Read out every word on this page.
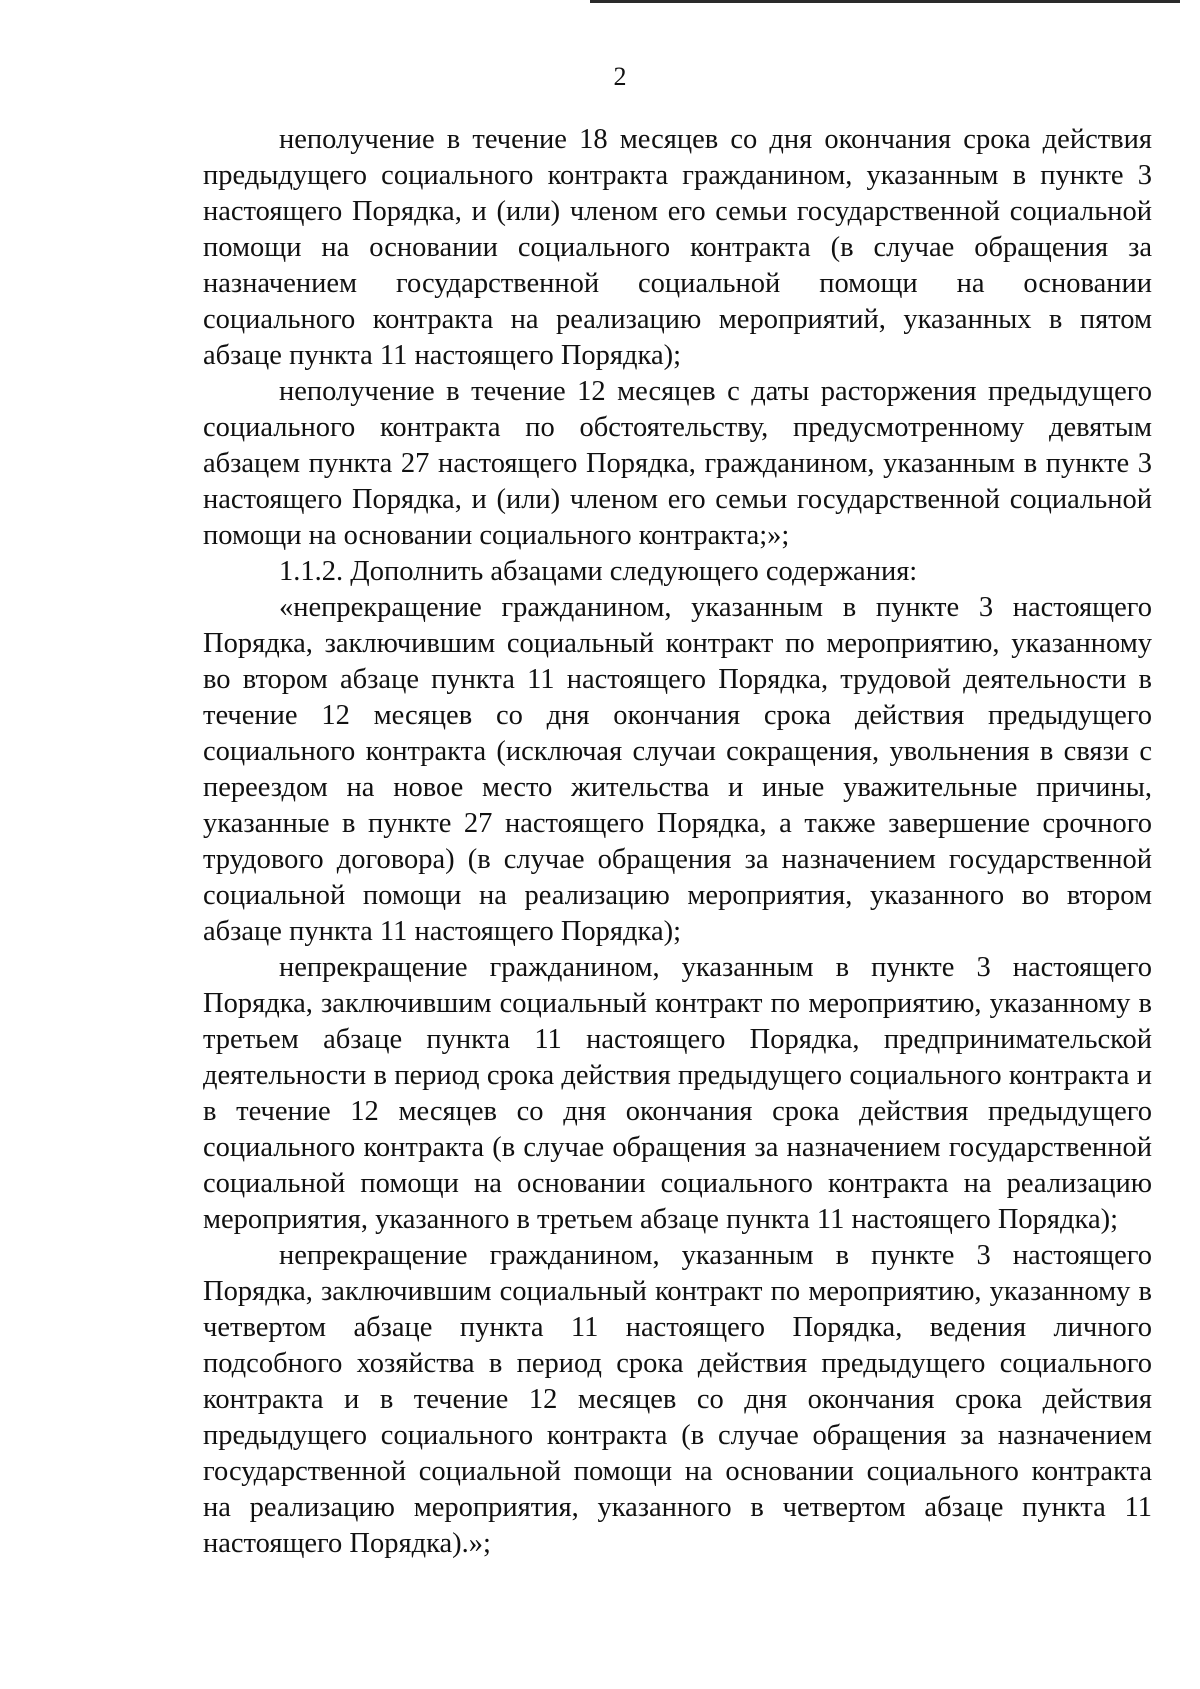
2

неполучение в течение 18 месяцев со дня окончания срока действия предыдущего социального контракта гражданином, указанным в пункте 3 настоящего Порядка, и (или) членом его семьи государственной социальной помощи на основании социального контракта (в случае обращения за назначением государственной социальной помощи на основании социального контракта на реализацию мероприятий, указанных в пятом абзаце пункта 11 настоящего Порядка);

неполучение в течение 12 месяцев с даты расторжения предыдущего социального контракта по обстоятельству, предусмотренному девятым абзацем пункта 27 настоящего Порядка, гражданином, указанным в пункте 3 настоящего Порядка, и (или) членом его семьи государственной социальной помощи на основании социального контракта;»;

1.1.2. Дополнить абзацами следующего содержания:

«непрекращение гражданином, указанным в пункте 3 настоящего Порядка, заключившим социальный контракт по мероприятию, указанному во втором абзаце пункта 11 настоящего Порядка, трудовой деятельности в течение 12 месяцев со дня окончания срока действия предыдущего социального контракта (исключая случаи сокращения, увольнения в связи с переездом на новое место жительства и иные уважительные причины, указанные в пункте 27 настоящего Порядка, а также завершение срочного трудового договора) (в случае обращения за назначением государственной социальной помощи на реализацию мероприятия, указанного во втором абзаце пункта 11 настоящего Порядка);

непрекращение гражданином, указанным в пункте 3 настоящего Порядка, заключившим социальный контракт по мероприятию, указанному в третьем абзаце пункта 11 настоящего Порядка, предпринимательской деятельности в период срока действия предыдущего социального контракта и в течение 12 месяцев со дня окончания срока действия предыдущего социального контракта (в случае обращения за назначением государственной социальной помощи на основании социального контракта на реализацию мероприятия, указанного в третьем абзаце пункта 11 настоящего Порядка);

непрекращение гражданином, указанным в пункте 3 настоящего Порядка, заключившим социальный контракт по мероприятию, указанному в четвертом абзаце пункта 11 настоящего Порядка, ведения личного подсобного хозяйства в период срока действия предыдущего социального контракта и в течение 12 месяцев со дня окончания срока действия предыдущего социального контракта (в случае обращения за назначением государственной социальной помощи на основании социального контракта на реализацию мероприятия, указанного в четвертом абзаце пункта 11 настоящего Порядка).»;
